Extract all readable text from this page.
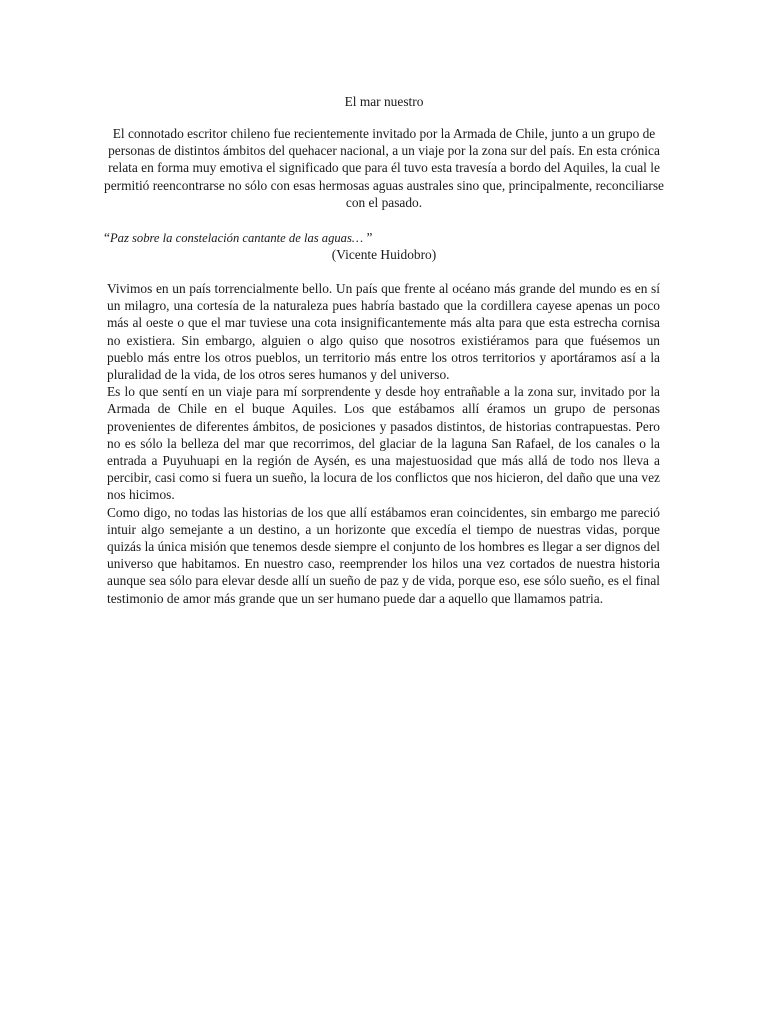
El mar nuestro

El connotado escritor chileno fue recientemente invitado por la Armada de Chile, junto a un grupo de personas de distintos ámbitos del quehacer nacional, a un viaje por la zona sur del país. En esta crónica relata en forma muy emotiva el significado que para él tuvo esta travesía a bordo del Aquiles, la cual le permitió reencontrarse no sólo con esas hermosas aguas australes sino que, principalmente, reconciliarse con el pasado.

“Paz sobre la constelación cantante de las aguas… ”

(Vicente Huidobro)

Vivimos en un país torrencialmente bello. Un país que frente al océano más grande del mundo es en sí un milagro, una cortesía de la naturaleza pues habría bastado que la cordillera cayese apenas un poco más al oeste o que el mar tuviese una cota insignificantemente más alta para que esta estrecha cornisa no existiera. Sin embargo, alguien o algo quiso que nosotros existiéramos para que fuésemos un pueblo más entre los otros pueblos, un territorio más entre los otros territorios y aportáramos así a la pluralidad de la vida, de los otros seres humanos y del universo.

Es lo que sentí en un viaje para mí sorprendente y desde hoy entrañable a la zona sur, invitado por la Armada de Chile en el buque Aquiles. Los que estábamos allí éramos un grupo de personas provenientes de diferentes ámbitos, de posiciones y pasados distintos, de historias contrapuestas. Pero no es sólo la belleza del mar que recorrimos, del glaciar de la laguna San Rafael, de los canales o la entrada a Puyuhuapi en la región de Aysén, es una majestuosidad que más allá de todo nos lleva a percibir, casi como si fuera un sueño, la locura de los conflictos que nos hicieron, del daño que una vez nos hicimos.

Como digo, no todas las historias de los que allí estábamos eran coincidentes, sin embargo me pareció intuir algo semejante a un destino, a un horizonte que excedía el tiempo de nuestras vidas, porque quizás la única misión que tenemos desde siempre el conjunto de los hombres es llegar a ser dignos del universo que habitamos. En nuestro caso, reemprender los hilos una vez cortados de nuestra historia aunque sea sólo para elevar desde allí un sueño de paz y de vida, porque eso, ese sólo sueño, es el final testimonio de amor más grande que un ser humano puede dar a aquello que llamamos patria.
